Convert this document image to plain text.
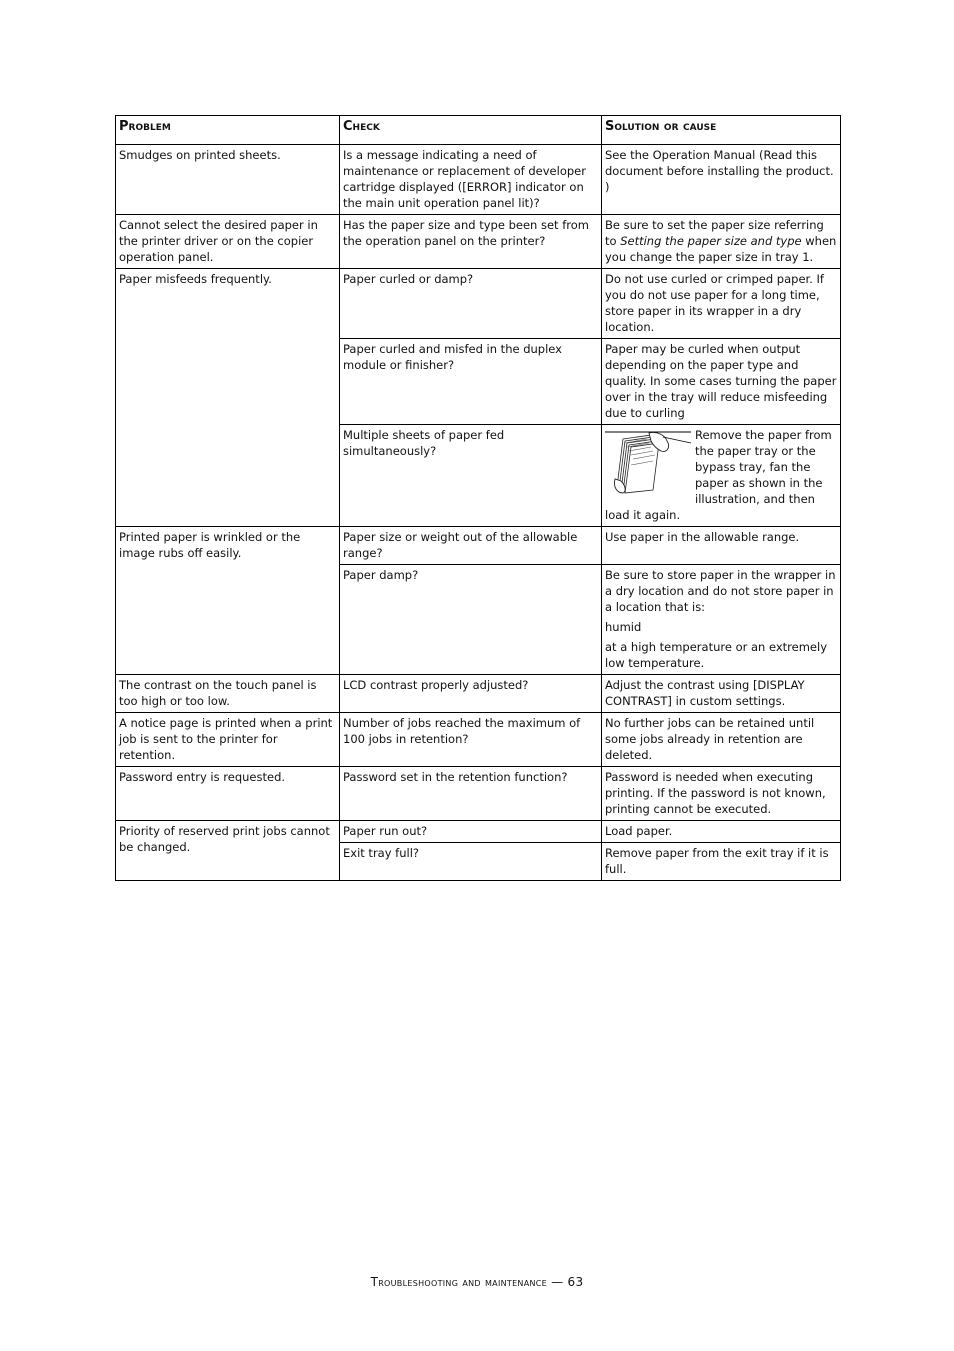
Problem	Check	Solution or cause
Smudges on printed sheets.	Is a message indicating a need of maintenance or replacement of developer cartridge displayed ([ERROR] indicator on the main unit operation panel lit)?	See the Operation Manual (Read this document before installing the product. )
Cannot select the desired paper in the printer driver or on the copier operation panel.	Has the paper size and type been set from the operation panel on the printer?	Be sure to set the paper size referring to Setting the paper size and type when you change the paper size in tray 1.
Paper misfeeds frequently.	Paper curled or damp?	Do not use curled or crimped paper. If you do not use paper for a long time, store paper in its wrapper in a dry location.
	Paper curled and misfed in the duplex module or finisher?	Paper may be curled when output depending on the paper type and quality. In some cases turning the paper over in the tray will reduce misfeeding due to curling
	Multiple sheets of paper fed simultaneously?	Remove the paper from the paper tray or the bypass tray, fan the paper as shown in the illustration, and then load it again.
Printed paper is wrinkled or the image rubs off easily.	Paper size or weight out of the allowable range?	Use paper in the allowable range.
	Paper damp?	Be sure to store paper in the wrapper in a dry location and do not store paper in a location that is:

humid

at a high temperature or an extremely low temperature.

The contrast on the touch panel is too high or too low.	LCD contrast properly adjusted?	Adjust the contrast using [DISPLAY CONTRAST] in custom settings.
A notice page is printed when a print job is sent to the printer for retention.	Number of jobs reached the maximum of 100 jobs in retention?	No further jobs can be retained until some jobs already in retention are deleted.
Password entry is requested.	Password set in the retention function?	Password is needed when executing printing. If the password is not known, printing cannot be executed.
Priority of reserved print jobs cannot be changed.	Paper run out?	Load paper.
	Exit tray full?	Remove paper from the exit tray if it is full.
Troubleshooting and maintenance — 63
